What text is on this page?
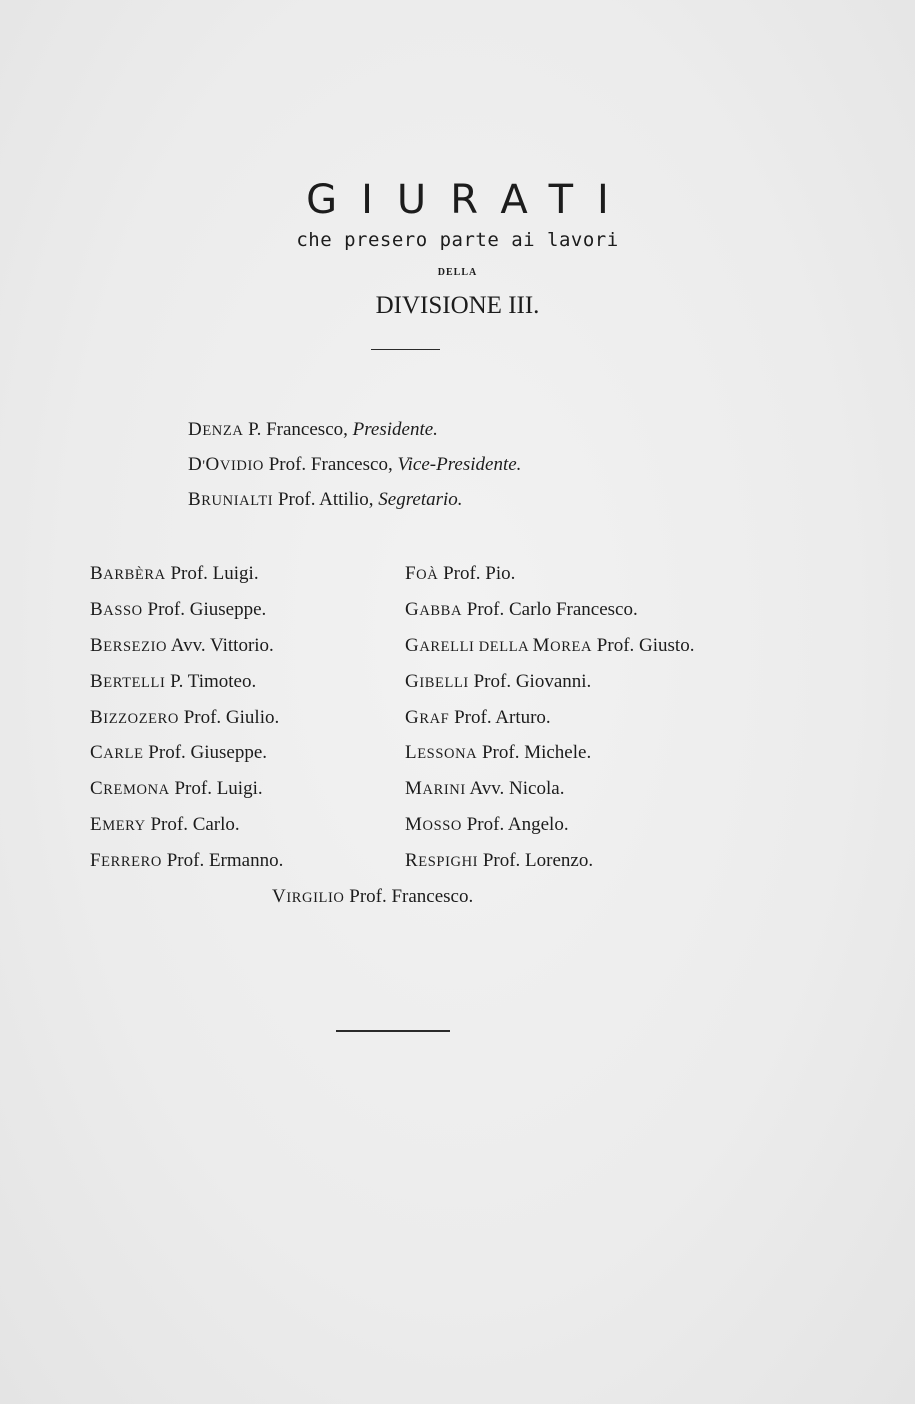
GIURATI
che presero parte ai lavori
DELLA
DIVISIONE III.
DENZA P. Francesco, Presidente.
D'OVIDIO Prof. Francesco, Vice-Presidente.
BRUNIALTI Prof. Attilio, Segretario.
BARBÈRA Prof. Luigi.
BASSO Prof. Giuseppe.
BERSEZIO Avv. Vittorio.
BERTELLI P. Timoteo.
BIZZOZERO Prof. Giulio.
CARLE Prof. Giuseppe.
CREMONA Prof. Luigi.
EMERY Prof. Carlo.
FERRERO Prof. Ermanno.
FOÀ Prof. Pio.
GABBA Prof. Carlo Francesco.
GARELLI DELLA MOREA Prof. Giusto.
GIBELLI Prof. Giovanni.
GRAF Prof. Arturo.
LESSONA Prof. Michele.
MARINI Avv. Nicola.
MOSSO Prof. Angelo.
RESPIGHI Prof. Lorenzo.
VIRGILIO Prof. Francesco.
